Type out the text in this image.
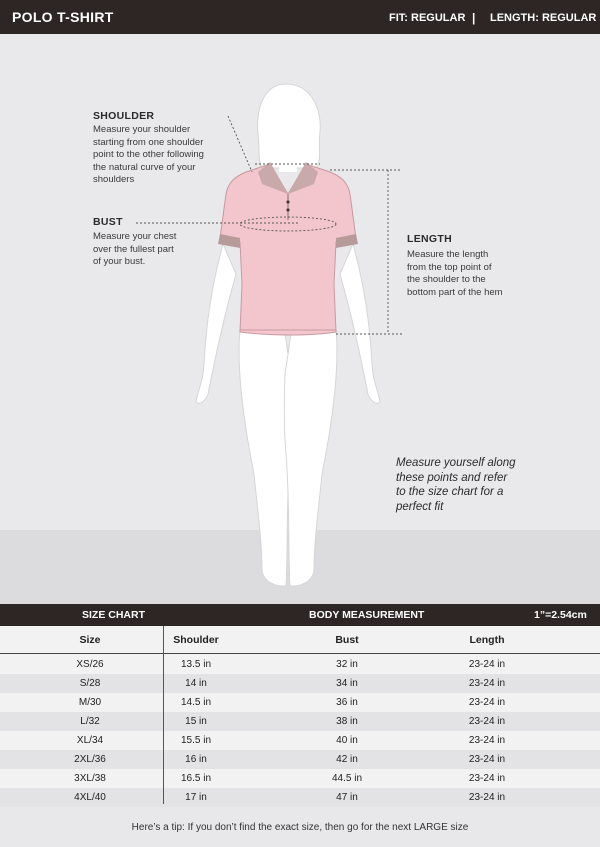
POLO T-SHIRT	FIT: REGULAR | LENGTH: REGULAR
SHOULDER
Measure your shoulder
starting from one shoulder
point to the other following
the natural curve of your
shoulders
BUST
Measure your chest
over the fullest part
of your bust.
LENGTH
Measure the length
from the top point of
the shoulder to the
bottom part of the hem
Measure yourself along
these points and refer
to the size chart for a
perfect fit
SIZE CHART	BODY MEASUREMENT	1”=2.54cm
Size	Shoulder	Bust	Length
XS/26	13.5 in	32 in	23-24 in
S/28	14 in	34 in	23-24 in
M/30	14.5 in	36 in	23-24 in
L/32	15 in	38 in	23-24 in
XL/34	15.5 in	40 in	23-24 in
2XL/36	16 in	42 in	23-24 in
3XL/38	16.5 in	44.5 in	23-24 in
4XL/40	17 in	47 in	23-24 in
Here’s a tip: If you don’t find the exact size, then go for the next LARGE size
